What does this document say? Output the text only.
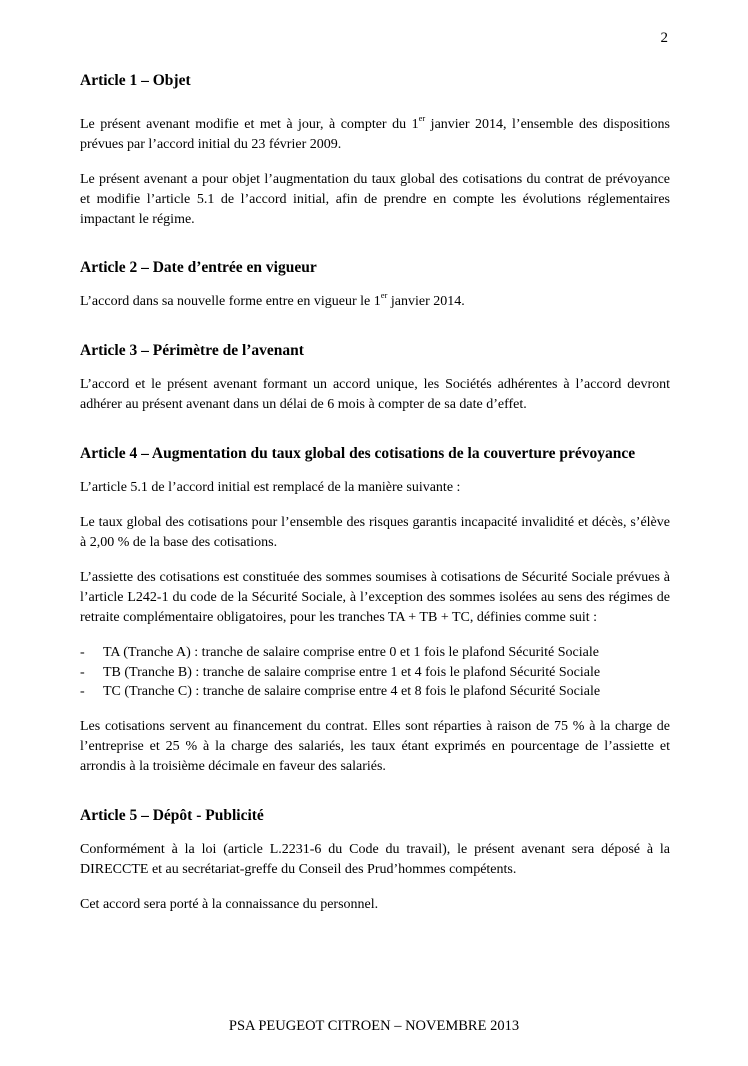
2
Article 1 – Objet

Le présent avenant modifie et met à jour, à compter du 1er janvier 2014, l’ensemble des dispositions prévues par l’accord initial du 23 février 2009.

Le présent avenant a pour objet l’augmentation du taux global des cotisations du contrat de prévoyance et modifie l’article 5.1 de l’accord initial, afin de prendre en compte les évolutions réglementaires impactant le régime.

Article 2 – Date d’entrée en vigueur

L’accord dans sa nouvelle forme entre en vigueur le 1er janvier 2014.

Article 3 – Périmètre de l’avenant

L’accord et le présent avenant formant un accord unique, les Sociétés adhérentes à l’accord devront adhérer au présent avenant dans un délai de 6 mois à compter de sa date d’effet.

Article 4 – Augmentation du taux global des cotisations de la couverture prévoyance

L’article 5.1 de l’accord initial est remplacé de la manière suivante :

Le taux global des cotisations pour l’ensemble des risques garantis incapacité invalidité et décès, s’élève à 2,00 % de la base des cotisations.

L’assiette des cotisations est constituée des sommes soumises à cotisations de Sécurité Sociale prévues à l’article L242-1 du code de la Sécurité Sociale, à l’exception des sommes isolées au sens des régimes de retraite complémentaire obligatoires, pour les tranches TA + TB + TC, définies comme suit :

- TA (Tranche A) : tranche de salaire comprise entre 0 et 1 fois le plafond Sécurité Sociale
- TB (Tranche B) : tranche de salaire comprise entre 1 et 4 fois le plafond Sécurité Sociale
- TC (Tranche C) : tranche de salaire comprise entre 4 et 8 fois le plafond Sécurité Sociale

Les cotisations servent au financement du contrat. Elles sont réparties à raison de 75 % à la charge de l’entreprise et 25 % à la charge des salariés, les taux étant exprimés en pourcentage de l’assiette et arrondis à la troisième décimale en faveur des salariés.

Article 5 – Dépôt - Publicité

Conformément à la loi (article L.2231-6 du Code du travail), le présent avenant sera déposé à la DIRECCTE et au secrétariat-greffe du Conseil des Prud’hommes compétents.

Cet accord sera porté à la connaissance du personnel.

PSA PEUGEOT CITROEN – NOVEMBRE 2013
